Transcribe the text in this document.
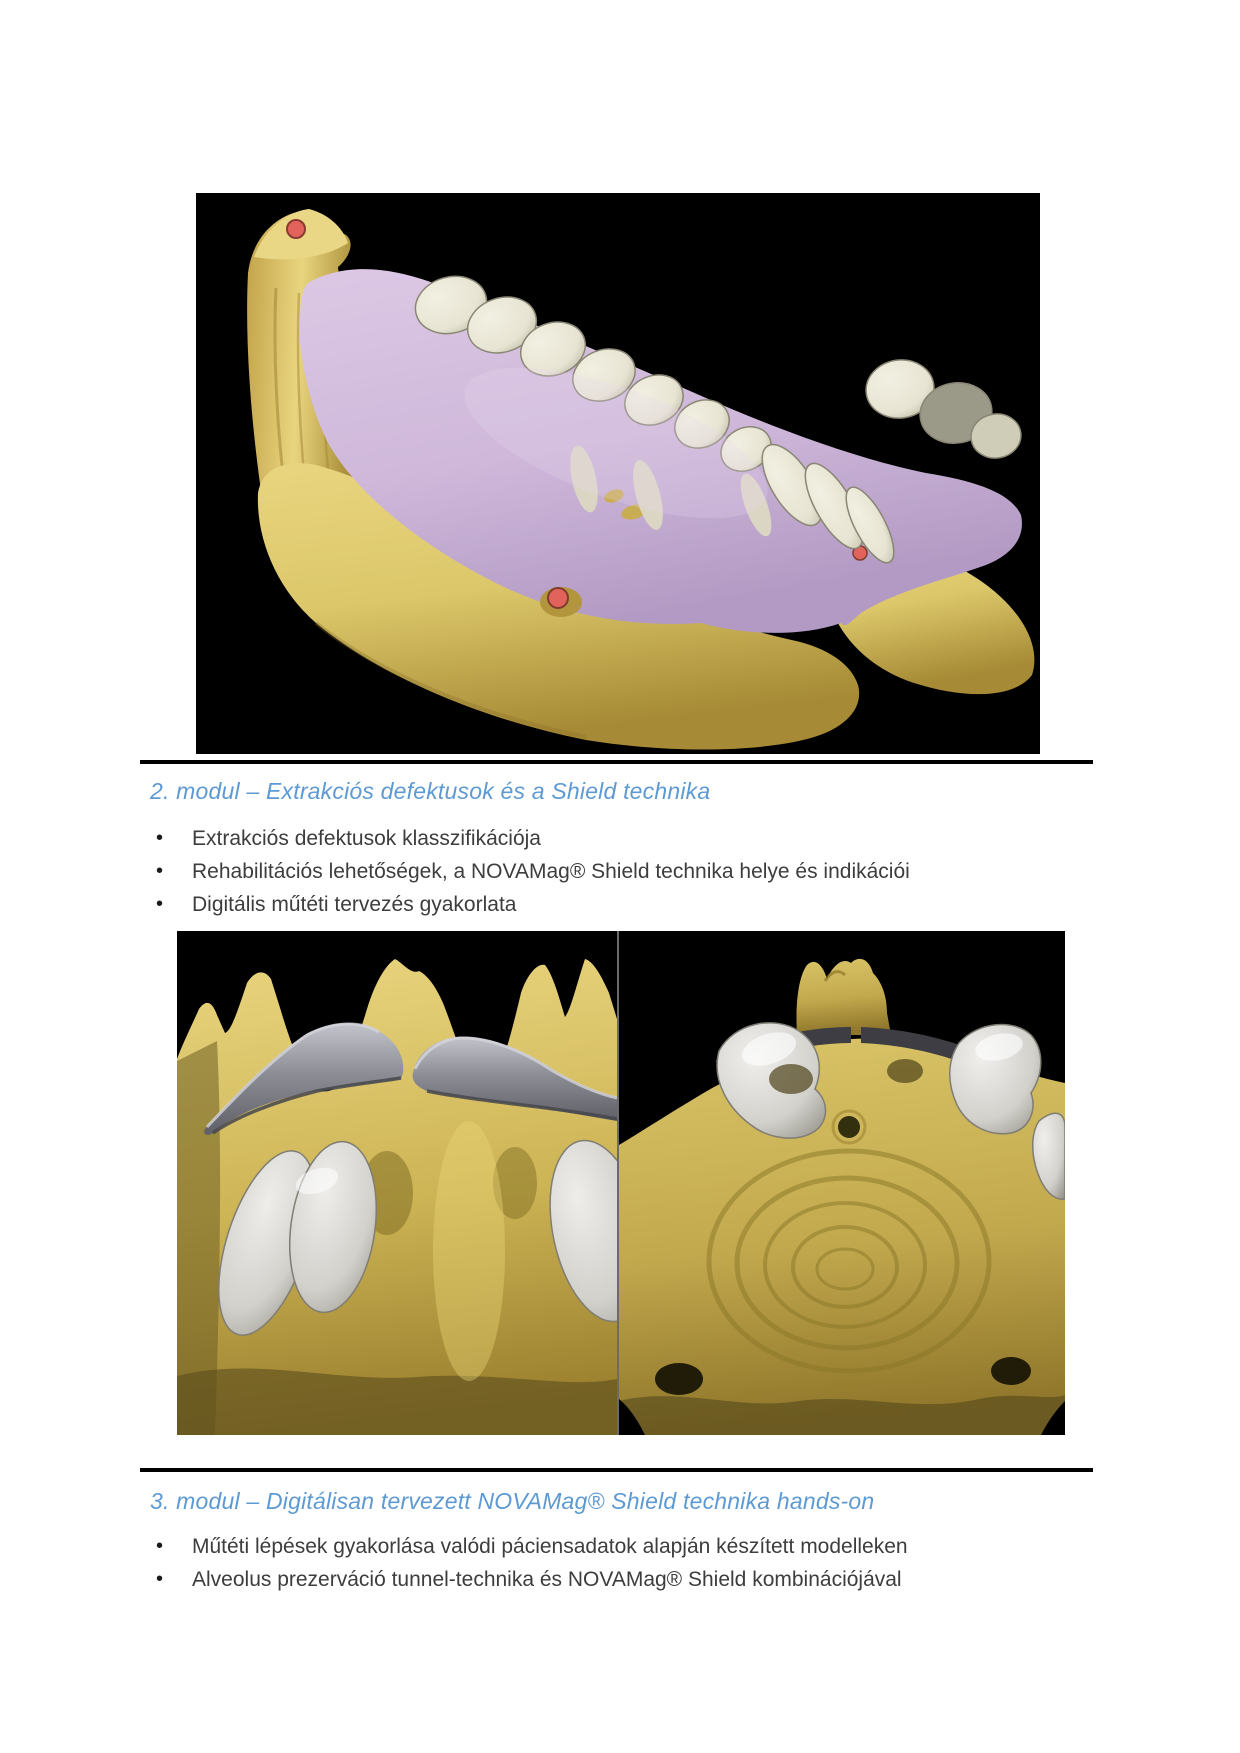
2. modul – Extrakciós defektusok és a Shield technika
• Extrakciós defektusok klasszifikációja
• Rehabilitációs lehetőségek, a NOVAMag® Shield technika helye és indikációi
• Digitális műtéti tervezés gyakorlata
3. modul – Digitálisan tervezett NOVAMag® Shield technika hands-on
• Műtéti lépések gyakorlása valódi páciensadatok alapján készített modelleken
• Alveolus prezerváció tunnel-technika és NOVAMag® Shield kombinációjával
